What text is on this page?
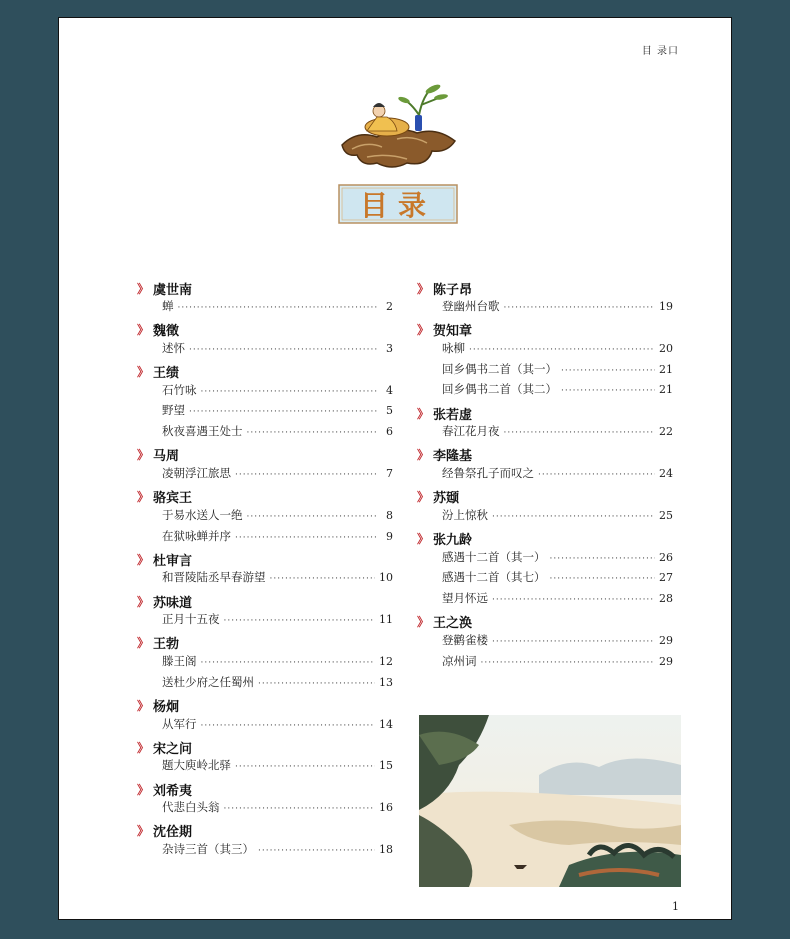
目 录口
目录
》 虞世南
蝉 ·····	2
》 魏徵
述怀 ·····	3
》 王绩
石竹咏 ·····	4
野望 ·····	5
秋夜喜遇王处士 ·····	6
》 马周
凌朝浮江旅思 ·····	7
》 骆宾王
于易水送人一绝 ·····	8
在狱咏蝉并序 ·····	9
》 杜审言
和晋陵陆丞早春游望 ·····	10
》 苏味道
正月十五夜 ·····	11
》 王勃
滕王阁 ·····	12
送杜少府之任蜀州 ·····	13
》 杨炯
从军行 ·····	14
》 宋之问
题大庾岭北驿 ·····	15
》 刘希夷
代悲白头翁 ·····	16
》 沈佺期
杂诗三首（其三） ·····	18
》 陈子昂
登幽州台歌 ·····	19
》 贺知章
咏柳 ·····	20
回乡偶书二首（其一） ·····	21
回乡偶书二首（其二） ·····	21
》 张若虚
春江花月夜 ·····	22
》 李隆基
经鲁祭孔子而叹之 ·····	24
》 苏颋
汾上惊秋 ·····	25
》 张九龄
感遇十二首（其一） ·····	26
感遇十二首（其七） ·····	27
望月怀远 ·····	28
》 王之涣
登鹳雀楼 ·····	29
凉州词 ·····	29
1
